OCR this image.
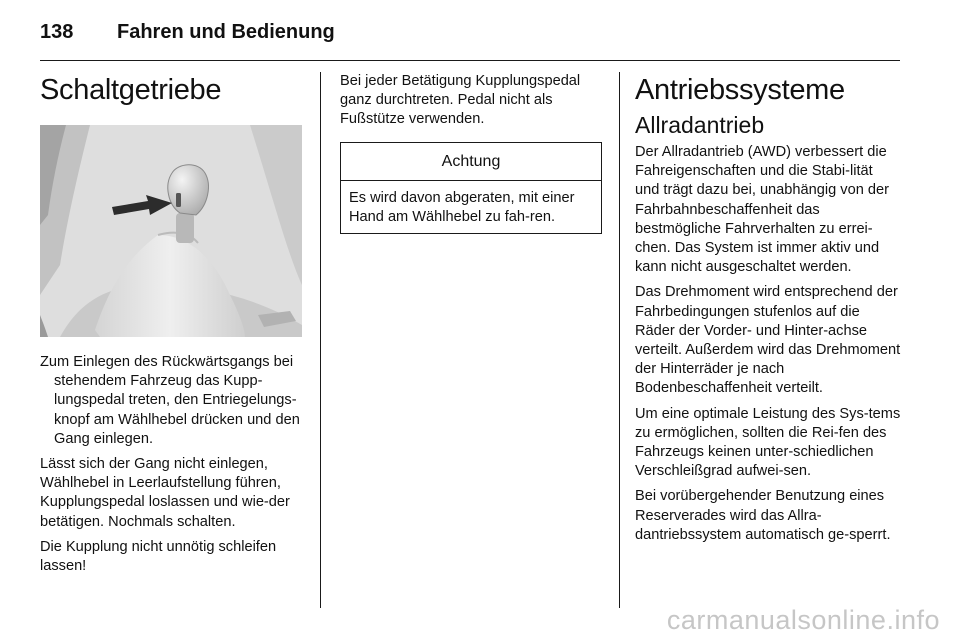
138 Fahren und Bedienung
Schaltgetriebe

Zum Einlegen des Rückwärtsgangs bei stehendem Fahrzeug das Kupp-lungspedal treten, den Entriegelungs-knopf am Wählhebel drücken und den Gang einlegen.

Lässt sich der Gang nicht einlegen, Wählhebel in Leerlaufstellung führen, Kupplungspedal loslassen und wie-der betätigen. Nochmals schalten.

Die Kupplung nicht unnötig schleifen lassen!

Bei jeder Betätigung Kupplungspedal ganz durchtreten. Pedal nicht als Fußstütze verwenden.

Achtung

Es wird davon abgeraten, mit einer Hand am Wählhebel zu fah-ren.

Antriebssysteme
Allradantrieb

Der Allradantrieb (AWD) verbessert die Fahreigenschaften und die Stabi-lität und trägt dazu bei, unabhängig von der Fahrbahnbeschaffenheit das bestmögliche Fahrverhalten zu errei-chen. Das System ist immer aktiv und kann nicht ausgeschaltet werden.

Das Drehmoment wird entsprechend der Fahrbedingungen stufenlos auf die Räder der Vorder- und Hinter-achse verteilt. Außerdem wird das Drehmoment der Hinterräder je nach Bodenbeschaffenheit verteilt.

Um eine optimale Leistung des Sys-tems zu ermöglichen, sollten die Rei-fen des Fahrzeugs keinen unter-schiedlichen Verschleißgrad aufwei-sen.

Bei vorübergehender Benutzung eines Reserverades wird das Allra-dantriebssystem automatisch ge-sperrt.

carmanualsonline.info
